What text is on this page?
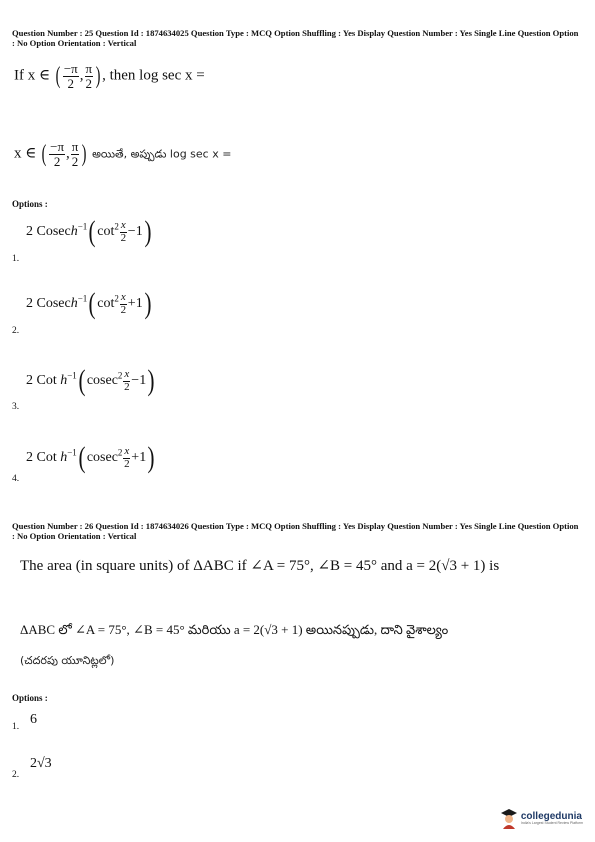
Question Number : 25 Question Id : 1874634025 Question Type : MCQ Option Shuffling : Yes Display Question Number : Yes Single Line Question Option : No Option Orientation : Vertical
If x ∈ ( $\frac{-\pi}{2}$ , $\frac{\pi}{2}$ ) , then log sec x =
x ∈ ( $\frac{-\pi}{2}$ , $\frac{\pi}{2}$ ) అయితే, అప్పుడు log sec x =
Options :
2 Cosech$^{-1}$( $\cot^2 \frac{x}{2} -1$)
1.
2 Cosech$^{-1}$( $\cot^2 \frac{x}{2} +1$)
2.
2 Cot $h^{-1}$( $cosec^2 \frac{x}{2} -1$)
3.
2 Cot $h^{-1}$( $cosec^2 \frac{x}{2} +1$)
4.
Question Number : 26 Question Id : 1874634026 Question Type : MCQ Option Shuffling : Yes Display Question Number : Yes Single Line Question Option : No Option Orientation : Vertical
The area (in square units) of ΔABC if ∠A = 75°, ∠B = 45° and a = 2(√3 + 1) is
ΔABC లో ∠A = 75°, ∠B = 45° మరియు a = 2(√3 + 1) అయినప్పుడు, దాని వైశాల్యం
(చదరపు యూనిట్లలో)
Options :
1. 6
2.
2√3
collegedunia
India's Largest Student Review Platform
